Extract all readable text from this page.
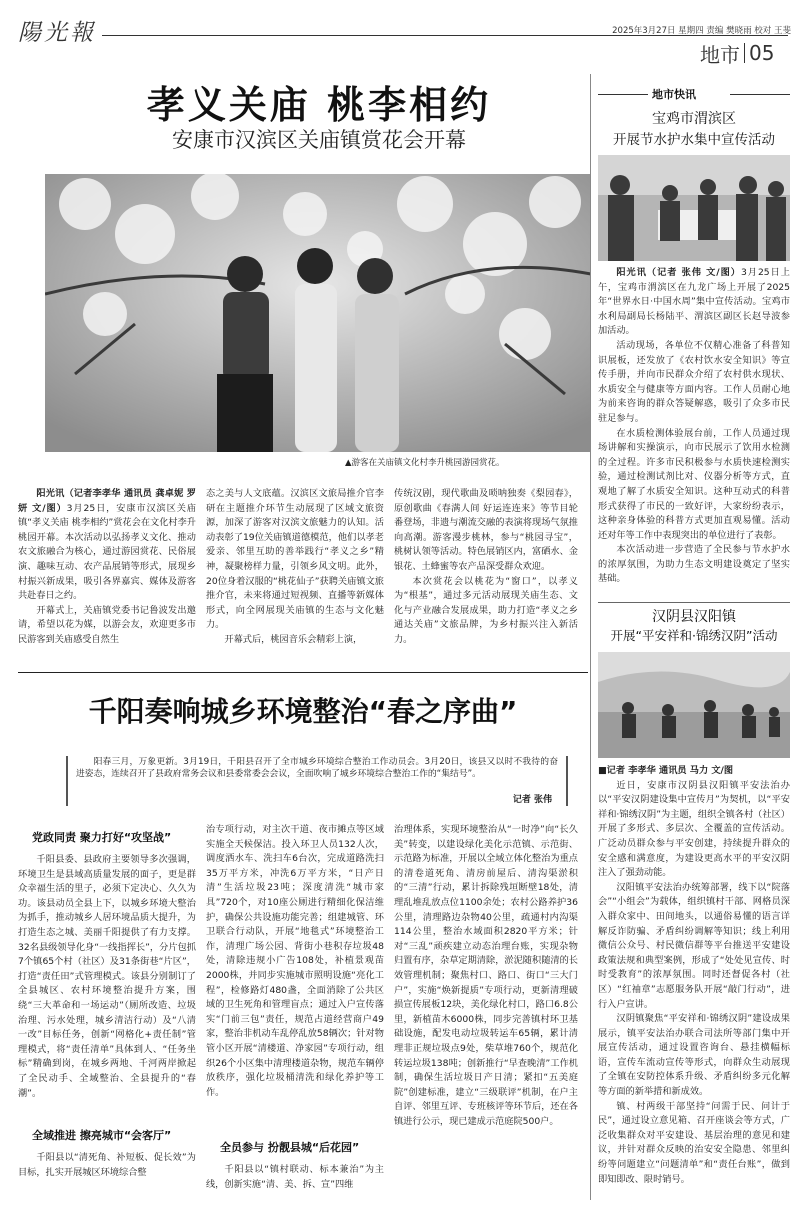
陽光報	2025年3月27日 星期四 责编 樊晓雨 校对 王斐
地市 05
孝义关庙 桃李相约
安康市汉滨区关庙镇赏花会开幕
▲游客在关庙镇文化村李升桃园游园赏花。

阳光讯（记者李孝华 通讯员 龚卓妮 罗妍 文/图）3月25日，安康市汉滨区关庙镇“孝义关庙 桃李相约”赏花会在文化村李升桃园开幕。本次活动以弘扬孝义文化、推动农文旅融合为核心，通过游园赏花、民俗展演、趣味互动、农产品展销等形式，展现乡村振兴新成果，吸引各界嘉宾、媒体及游客共赴春日之约。

开幕式上，关庙镇党委书记鲁波发出邀请，希望以花为媒，以游会友，欢迎更多市民游客到关庙感受自然生

态之美与人文底蕴。汉滨区文旅局推介官李研在主题推介环节生动展现了区域文旅资源，加深了游客对汉滨文旅魅力的认知。活动表彰了19位关庙镇道德模范，他们以孝老爱亲、邻里互助的善举践行“孝义之乡”精神，凝聚榜样力量，引领乡风文明。此外，20位身着汉服的“桃花仙子”获聘关庙镇文旅推介官，未来将通过短视频、直播等新媒体形式，向全网展现关庙镇的生态与文化魅力。

开幕式后，桃园音乐会精彩上演，

传统汉剧，现代歌曲及唢呐独奏《梨园春》，原创歌曲《春满人间 好运连连来》等节目轮番登场，非遗与潮流交融的表演将现场气氛推向高潮。游客漫步桃林，参与“桃园寻宝”，桃树认领等活动。特色展销区内，富硒水、金银花、土蜂蜜等农产品深受群众欢迎。

本次赏花会以桃花为“窗口”，以孝义为“根基”，通过多元活动展现关庙生态、文化与产业融合发展成果，助力打造“孝义之乡 通达关庙”文旅品牌，为乡村振兴注入新活力。

千阳奏响城乡环境整治“春之序曲”

阳春三月，万象更新。3月19日，千阳县召开了全市城乡环境综合整治工作动员会。3月20日，该县又以时不我待的奋进姿态，连续召开了县政府常务会议和县委常委会会议，全面吹响了城乡环境综合整治工作的“集结号”。

记者 张伟
党政同责 聚力打好“攻坚战”

千阳县委、县政府主要领导多次强调，环境卫生是县域高质量发展的面子，更是群众幸福生活的里子，必须下定决心、久久为功。该县动员全县上下，以城乡环境大整治为抓手，推动城乡人居环境品质大提升，为打造生态之城、美丽千阳提供了有力支撑。32名县级领导化身“一线指挥长”，分片包抓7个镇65个村（社区）及31条街巷“片区”，打造“责任田”式管理模式。该县分别制订了全县城区、农村环境整治提升方案，围绕“三大革命和一场运动”（厕所改造、垃圾治理、污水处理，城乡清洁行动）及“八清一改”目标任务，创新“网格化+责任制”管理模式，将“责任清单”具体到人、“任务坐标”精确到岗，在城乡两地、千河两岸掀起了全民动手、全域整治、全县提升的“春潮”。

全域推进 擦亮城市“会客厅”

千阳县以“清死角、补短板、促长效”为目标，扎实开展城区环境综合整

治专项行动，对主次干道、夜市摊点等区域实施全天候保洁。投入环卫人员132人次，调度洒水车、洗扫车6台次，完成道路洗扫35万平方米，冲洗6万平方米，“日产日清”生活垃圾23吨；深度清洗“城市家具”720个，对10座公厕进行精细化保洁维护，确保公共设施功能完善；组建城管、环卫联合行动队，开展“地毯式”环境整治工作，清理广场公园、背街小巷积存垃圾48处，清除违规小广告108处，补植景观苗2000株，并同步实施城市照明设施“亮化工程”，检修路灯480盏，全面消除了公共区域的卫生死角和管理盲点；通过入户宣传落实“门前三包”责任，规范占道经营商户49家，整治非机动车乱停乱放58辆次；针对物管小区开展“清楼道、净家园”专项行动，组织26个小区集中清理楼道杂物，规范车辆停放秩序，强化垃圾桶清洗和绿化养护等工作。

全员参与 扮靓县城“后花园”

千阳县以“镇村联动、标本兼治”为主线，创新实施“清、美、拆、宣”四维

治理体系，实现环境整治从“一时净”向“长久美”转变，以建设绿化美化示范镇、示范街、示范路为标准，开展以全域立体化整治为重点的清卷道死角、清房前屋后、清沟渠淤积的“三清”行动，累计拆除残垣断壁18处，清理乱堆乱放点位1100余处；农村公路养护36公里，清理路边杂物40公里，疏通村内沟渠114公里，整治水域面积2820平方米；针对“三乱”顽疾建立动态治理台账，实现杂物归置有序，杂草定期清除，淤泥随积随清的长效管理机制；聚焦村口、路口、街口“三大门户”，实施“焕新提质”专项行动，更新清理破损宣传展板12块，美化绿化村口，路口6.8公里，新植苗木6000株，同步完善镇村环卫基础设施，配发电动垃圾转运车65辆，累计清理非正规垃圾点9处，柴草堆760个，规范化转运垃圾138吨；创新推行“早查晚清”工作机制，确保生活垃圾日产日清；紧扣“五美庭院”创建标准，建立“三级联评”机制，在户主自评、邻里互评、专班核评等环节后，还在各镇进行公示，现已建成示范庭院500户。

地市快讯
宝鸡市渭滨区
开展节水护水集中宣传活动

阳光讯（记者 张伟 文/图）3月25日上午，宝鸡市渭滨区在九龙广场上开展了2025年“世界水日·中国水周”集中宣传活动。宝鸡市水利局副局长杨陆平、渭滨区副区长赵导波参加活动。

活动现场，各单位不仅精心准备了科普知识展板，还发放了《农村饮水安全知识》等宣传手册，并向市民群众介绍了农村供水现状、水质安全与健康等方面内容。工作人员耐心地为前来咨询的群众答疑解惑，吸引了众多市民驻足参与。

在水质检测体验展台前，工作人员通过现场讲解和实操演示，向市民展示了饮用水检测的全过程。许多市民积极参与水质快速检测实验，通过检测试剂比对、仪器分析等方式，直观地了解了水质安全知识。这种互动式的科普形式获得了市民的一致好评，大家纷纷表示，这种亲身体验的科普方式更加直观易懂。活动还对年等工作中表现突出的单位进行了表彰。

本次活动进一步营造了全民参与节水护水的浓厚氛围，为助力生态文明建设奠定了坚实基础。

汉阴县汉阳镇
开展“平安祥和·锦绣汉阴”活动

■记者 李孝华 通讯员 马力 文/图

近日，安康市汉阴县汉阳镇平安法治办以“平安汉阴建设集中宣传月”为契机，以“平安祥和·锦绣汉阴”为主题，组织全镇各村（社区）开展了多形式、多层次、全覆盖的宣传活动。广泛动员群众参与平安创建，持续提升群众的安全感和满意度，为建设更高水平的平安汉阴注入了强劲动能。

汉阳镇平安法治办统筹部署，线下以“院落会”“小组会”为载体，组织镇村干部、网格员深入群众家中、田间地头，以通俗易懂的语言详解反诈防骗、矛盾纠纷调解等知识；线上利用微信公众号、村民微信群等平台推送平安建设政策法规和典型案例，形成了“处处见宣传、时时受教育”的浓厚氛围。同时还督促各村（社区）“红袖章”志愿服务队开展“敲门行动”，进行入户宣讲。

汉阴镇聚焦“平安祥和·锦绣汉阴”建设成果展示，镇平安法治办联合司法所等部门集中开展宣传活动，通过设置咨询台、悬挂横幅标语，宣传车流动宣传等形式，向群众生动展现了全镇在安防控体系升级、矛盾纠纷多元化解等方面的新举措和新成效。

镇、村两级干部坚持“问需于民、问计于民”，通过设立意见箱、召开座谈会等方式，广泛收集群众对平安建设、基层治理的意见和建议，并针对群众反映的治安安全隐患、邻里纠纷等问题建立“问题清单”和“责任台账”，做到即知即改、限时销号。
